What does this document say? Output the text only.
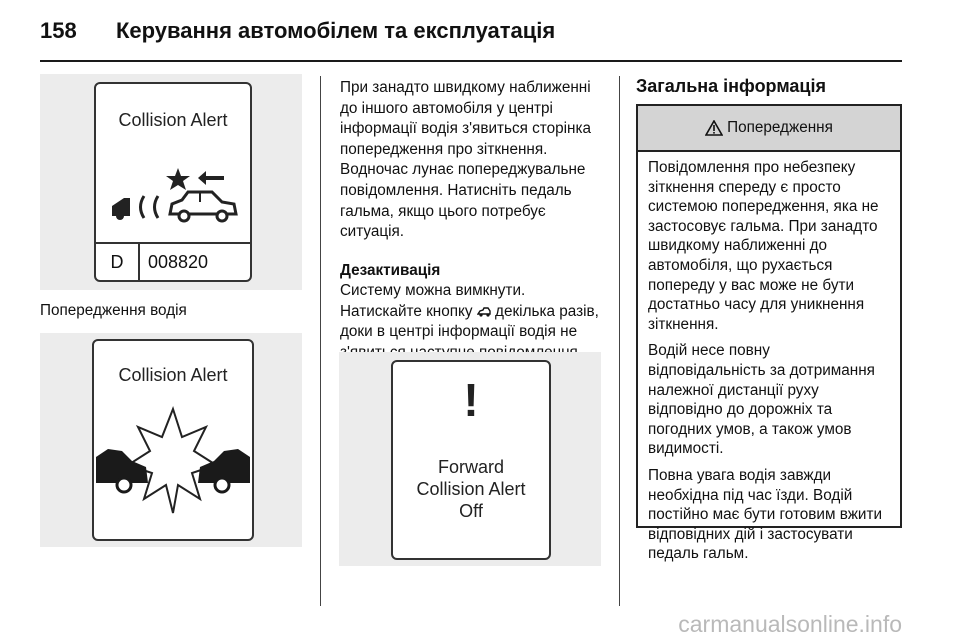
158 Керування автомобілем та експлуатація
Collision Alert
D	008820
Попередження водія
Collision Alert
При занадто швидкому наближенні до іншого автомобіля у центрі інформації водія з'явиться сторінка попередження про зіткнення. Водночас лунає попереджувальне повідомлення. Натисніть педаль гальма, якщо цього потребує ситуація.
Дезактивація
Систему можна вимкнути.
Натискайте кнопку декілька разів, доки в центрі інформації водія не
!
Forward
Collision Alert
Off
Загальна інформація
Попередження

Повідомлення про небезпеку зіткнення спереду є просто системою попередження, яка не застосовує гальма. При занадто швидкому наближенні до автомобіля, що рухається попереду у вас може не бути достатньо часу для уникнення зіткнення.

Водій несе повну відповідальність за дотримання належної дистанції руху відповідно до дорожніх та погодних умов, а також умов видимості.

Повна увага водія завжди необхідна під час їзди. Водій постійно має бути готовим вжити відповідних дій і застосувати педаль гальм.

carmanualsonline.info
